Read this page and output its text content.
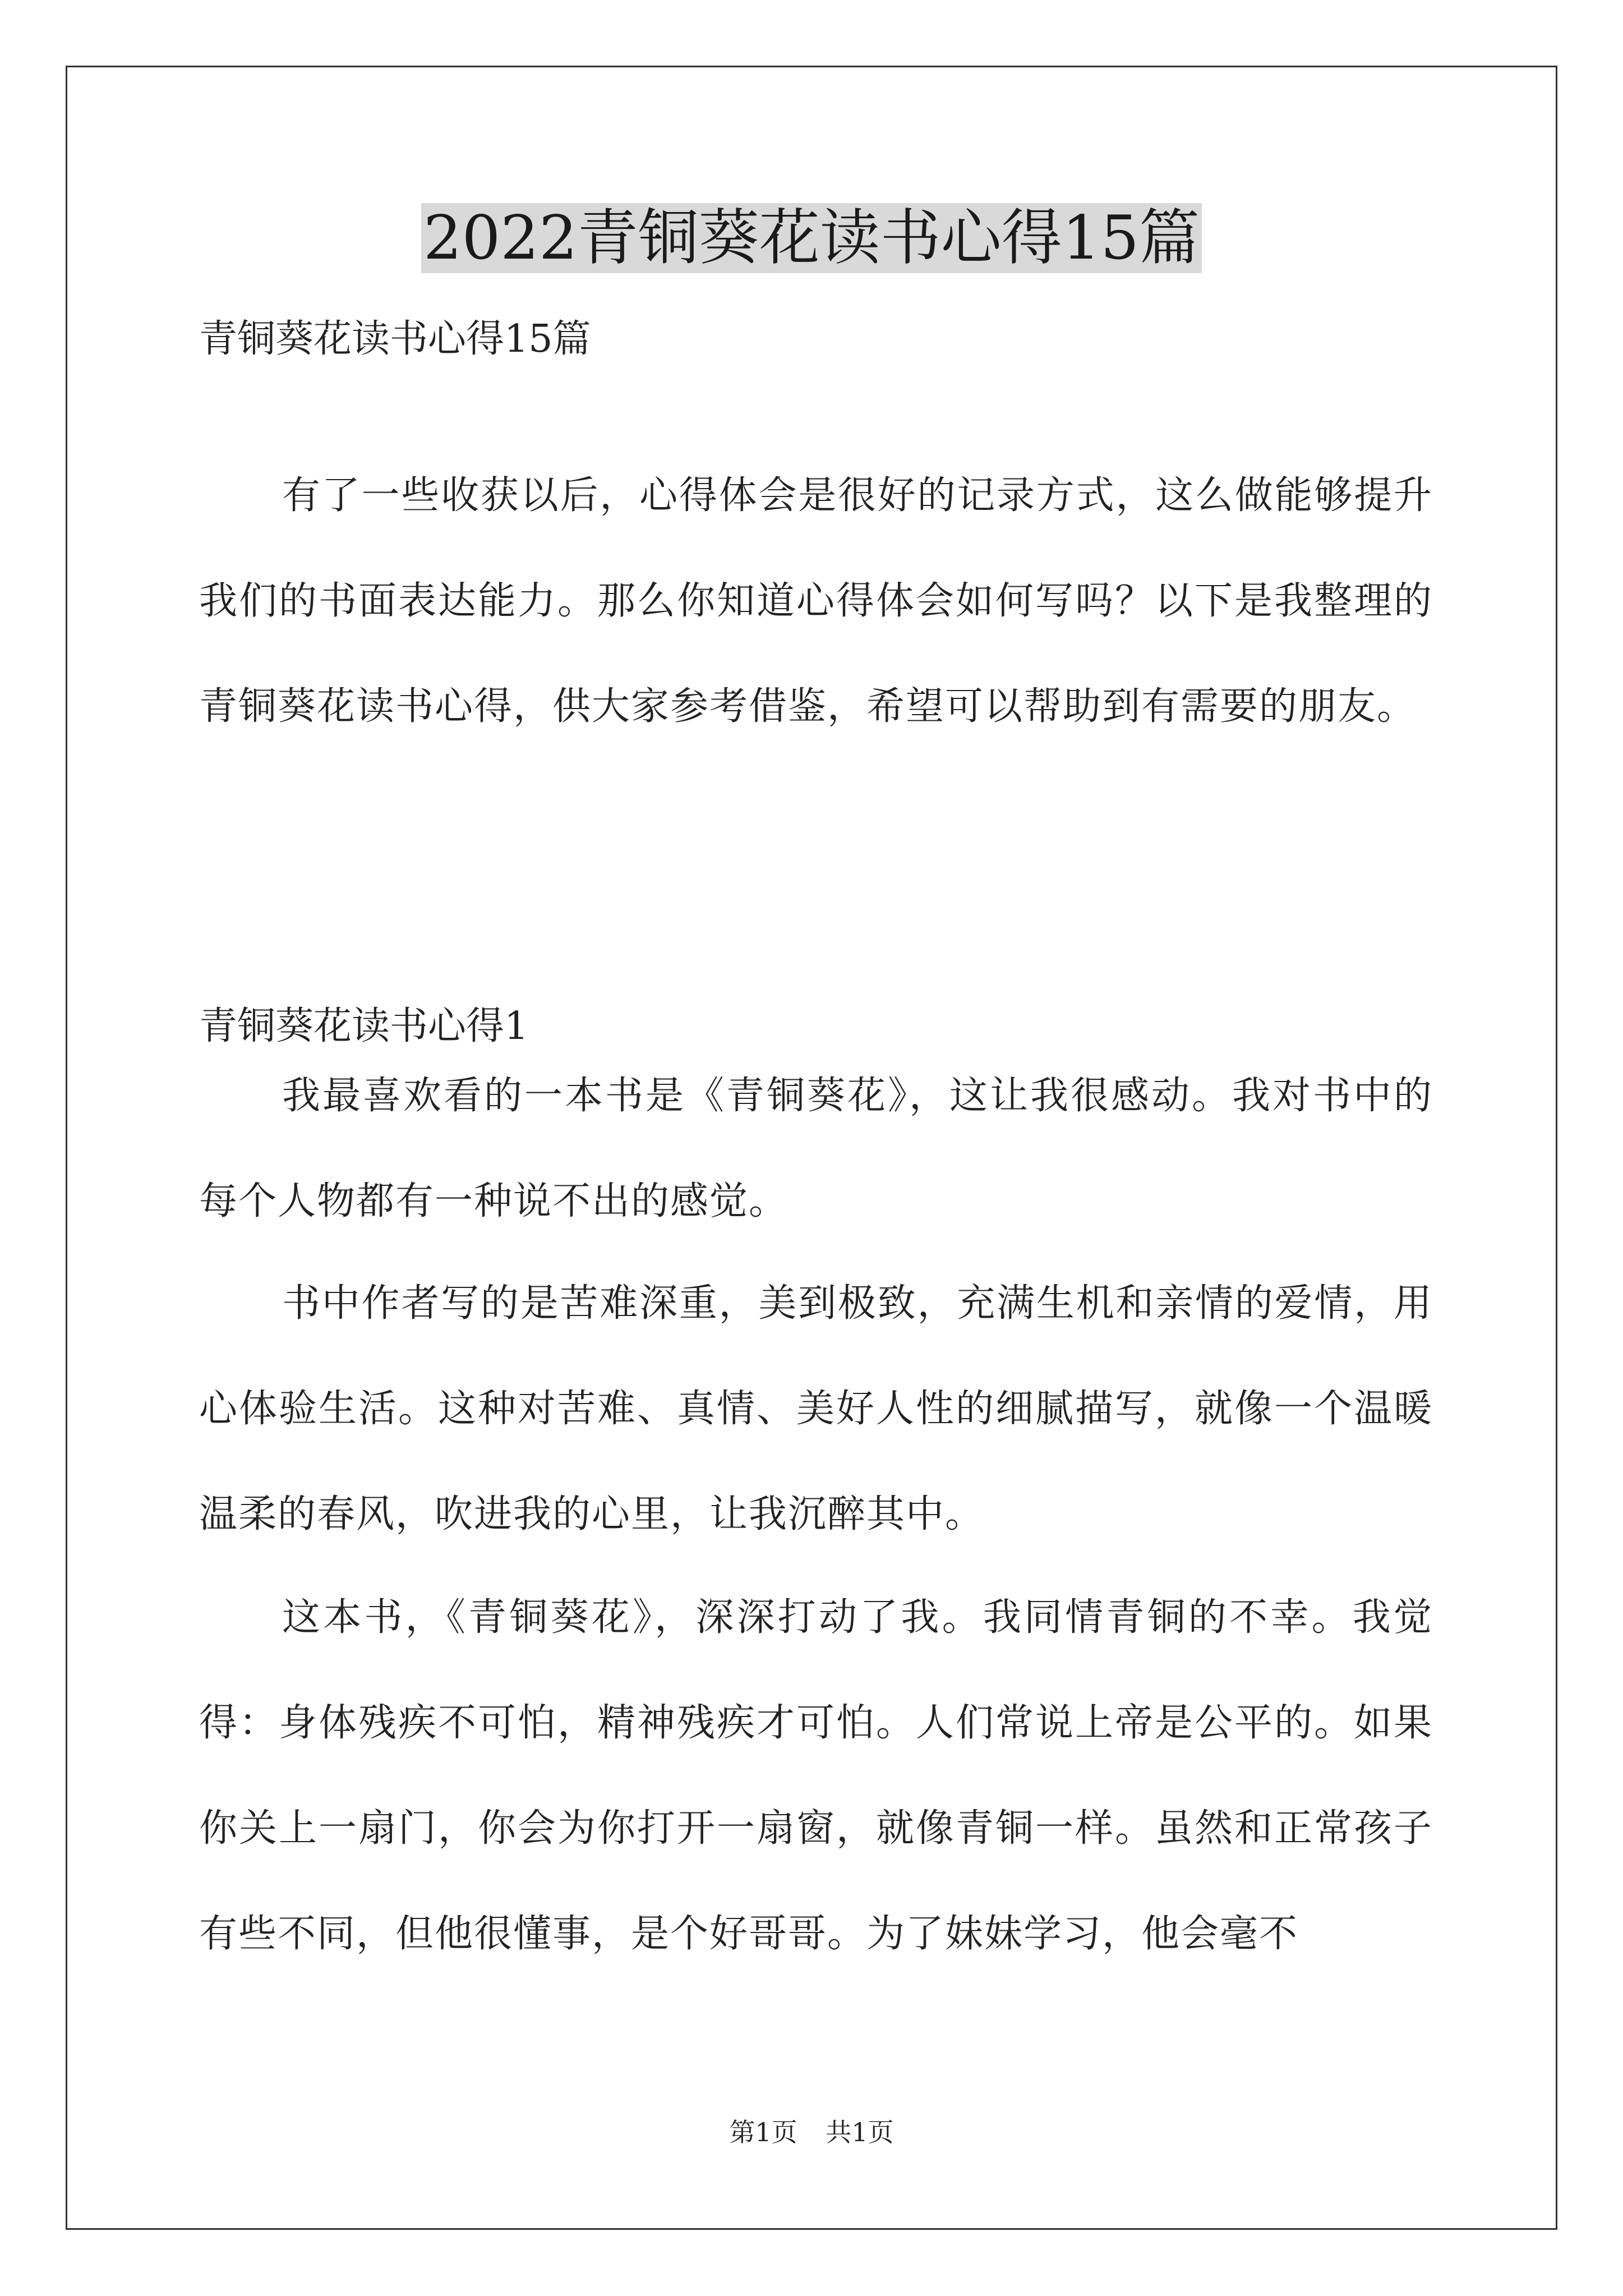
2022青铜葵花读书心得15篇
青铜葵花读书心得15篇

有了一些收获以后，心得体会是很好的记录方式，这么做能够提升我们的书面表达能力。那么你知道心得体会如何写吗？以下是我整理的青铜葵花读书心得，供大家参考借鉴，希望可以帮助到有需要的朋友。

青铜葵花读书心得1

我最喜欢看的一本书是《青铜葵花》，这让我很感动。我对书中的每个人物都有一种说不出的感觉。

书中作者写的是苦难深重，美到极致，充满生机和亲情的爱情，用心体验生活。这种对苦难、真情、美好人性的细腻描写，就像一个温暖温柔的春风，吹进我的心里，让我沉醉其中。

这本书，《青铜葵花》，深深打动了我。我同情青铜的不幸。我觉得：身体残疾不可怕，精神残疾才可怕。人们常说上帝是公平的。如果你关上一扇门，你会为你打开一扇窗，就像青铜一样。虽然和正常孩子有些不同，但他很懂事，是个好哥哥。为了妹妹学习，他会毫不

第1页 共1页
